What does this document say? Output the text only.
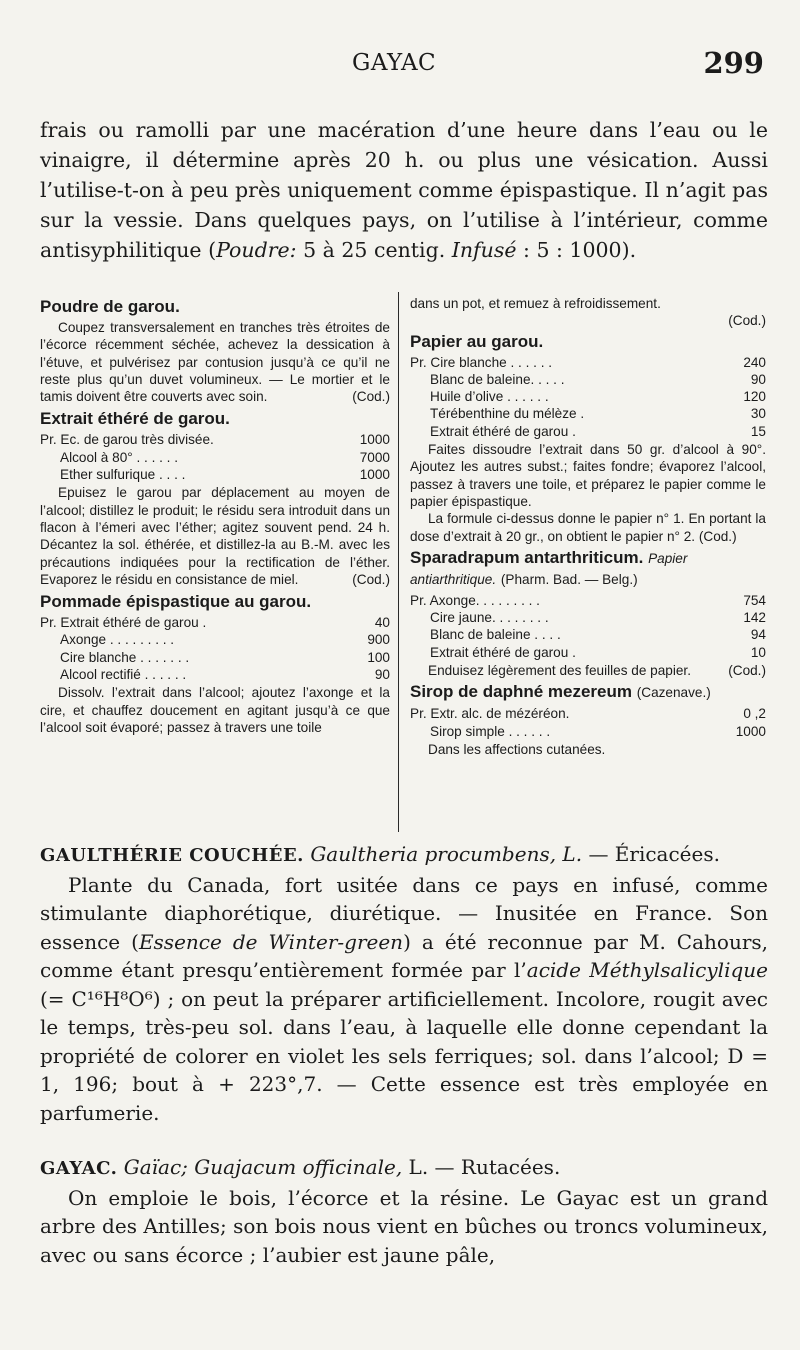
GAYAC	299

frais ou ramolli par une macération d’une heure dans l’eau ou le vinaigre, il détermine après 20 h. ou plus une vésication. Aussi l’utilise-t-on à peu près uniquement comme épispastique. Il n’agit pas sur la vessie. Dans quelques pays, on l’utilise à l’intérieur, comme antisyphilitique (Poudre: 5 à 25 centig. Infusé : 5 : 1000).

Poudre de garou.

Coupez transversalement en tranches très étroites de l’écorce récemment séchée, achevez la dessication à l’étuve, et pulvérisez par contusion jusqu’à ce qu’il ne reste plus qu’un duvet volumineux. — Le mortier et le tamis doivent être couverts avec soin.	(Cod.)

Extrait éthéré de garou.
Pr. Ec. de garou très divisée.	1000
Alcool à 80° . . . . . .	7000
Ether sulfurique . . . .	1000

Epuisez le garou par déplacement au moyen de l’alcool; distillez le produit; le résidu sera introduit dans un flacon à l’émeri avec l’éther; agitez souvent pend. 24 h. Décantez la sol. éthérée, et distillez-la au B.-M. avec les précautions indiquées pour la rectification de l’éther. Evaporez le résidu en consistance de miel.	(Cod.)

Pommade épispastique au garou.
Pr. Extrait éthéré de garou .	40
Axonge . . . . . . . . .	900
Cire blanche . . . . . . .	100
Alcool rectifié . . . . . .	90

Dissolv. l’extrait dans l’alcool; ajoutez l’axonge et la cire, et chauffez doucement en agitant jusqu’à ce que l’alcool soit évaporé; passez à travers une toile

dans un pot, et remuez à refroidissement.

(Cod.)

Papier au garou.
Pr. Cire blanche . . . . . .	240
Blanc de baleine. . . . .	90
Huile d’olive . . . . . .	120
Térébenthine du mélèze .	30
Extrait éthéré de garou .	15

Faites dissoudre l’extrait dans 50 gr. d’alcool à 90°. Ajoutez les autres subst.; faites fondre; évaporez l’alcool, passez à travers une toile, et préparez le papier comme le papier épispastique.

La formule ci-dessus donne le papier n° 1. En portant la dose d’extrait à 20 gr., on obtient le papier n° 2. (Cod.)

Sparadrapum antarthriticum. Papier antiarthritique. (Pharm. Bad. — Belg.)
Pr. Axonge. . . . . . . . .	754
Cire jaune. . . . . . . .	142
Blanc de baleine . . . .	94
Extrait éthéré de garou .	10

Enduisez légèrement des feuilles de papier.	(Cod.)

Sirop de daphné mezereum (Cazenave.)
Pr. Extr. alc. de mézéréon.	0 ,2
Sirop simple . . . . . .	1000

Dans les affections cutanées.

GAULTHÉRIE COUCHÉE. Gaultheria procumbens, L. — Éricacées.

Plante du Canada, fort usitée dans ce pays en infusé, comme stimulante diaphorétique, diurétique. — Inusitée en France. Son essence (Essence de Winter-green) a été reconnue par M. Cahours, comme étant presqu’entièrement formée par l’acide Méthylsalicylique (= C¹⁶H⁸O⁶) ; on peut la préparer artificiellement. Incolore, rougit avec le temps, très-peu sol. dans l’eau, à laquelle elle donne cependant la propriété de colorer en violet les sels ferriques; sol. dans l’alcool; D = 1, 196; bout à + 223°,7. — Cette essence est très employée en parfumerie.

GAYAC. Gaïac; Guajacum officinale, L. — Rutacées.

On emploie le bois, l’écorce et la résine. Le Gayac est un grand arbre des Antilles; son bois nous vient en bûches ou troncs volumineux, avec ou sans écorce ; l’aubier est jaune pâle,
